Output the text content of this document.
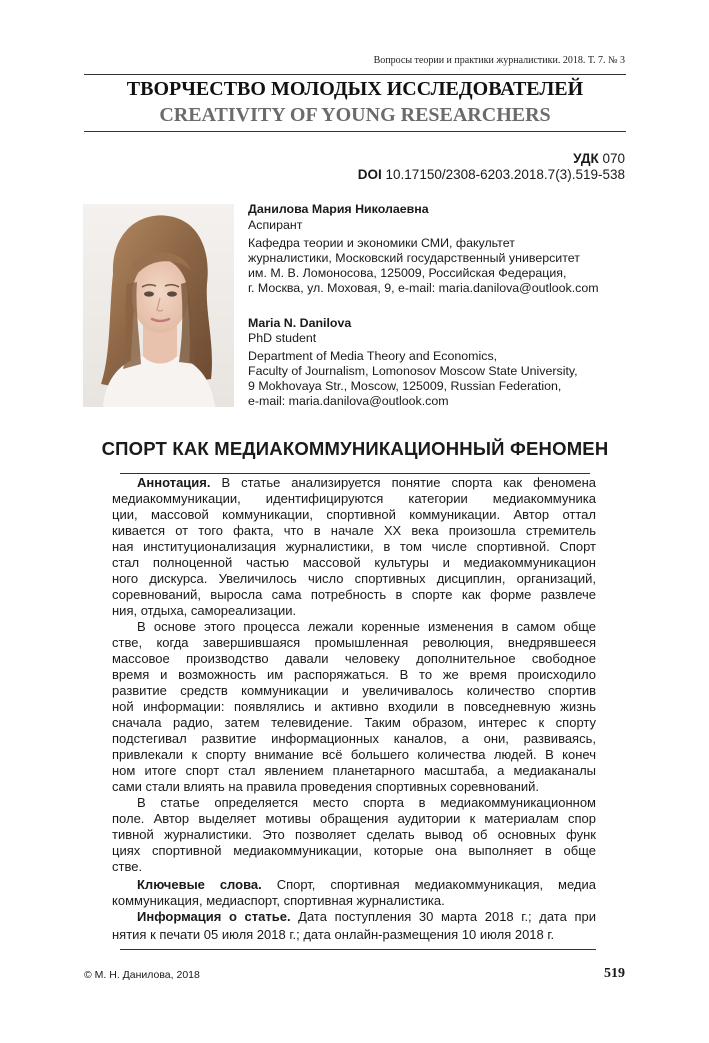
Вопросы теории и практики журналистики. 2018. Т. 7. № 3
ТВОРЧЕСТВО МОЛОДЫХ ИССЛЕДОВАТЕЛЕЙ
CREATIVITY OF YOUNG RESEARCHERS
УДК 070
DOI 10.17150/2308-6203.2018.7(3).519-538
Данилова Мария Николаевна
Аспирант
Кафедра теории и экономики СМИ, факультет
журналистики, Московский государственный университет
им. М. В. Ломоносова, 125009, Российская Федерация,
г. Москва, ул. Моховая, 9, e-mail: maria.danilova@outlook.com
Maria N. Danilova
PhD student
Department of Media Theory and Economics,
Faculty of Journalism, Lomonosov Moscow State University,
9 Mokhovaya Str., Moscow, 125009, Russian Federation,
e-mail: maria.danilova@outlook.com
СПОРТ КАК МЕДИАКОММУНИКАЦИОННЫЙ ФЕНОМЕН
Аннотация. В статье анализируется понятие спорта как феномена
медиакоммуникации, идентифицируются категории медиакоммуника
ции, массовой коммуникации, спортивной коммуникации. Автор оттал
кивается от того факта, что в начале XX века произошла стремитель
ная институционализация журналистики, в том числе спортивной. Спорт
стал полноценной частью массовой культуры и медиакоммуникацион
ного дискурса. Увеличилось число спортивных дисциплин, организаций,
соревнований, выросла сама потребность в спорте как форме развлече
ния, отдыха, самореализации.
В основе этого процесса лежали коренные изменения в самом обще
стве, когда завершившаяся промышленная революция, внедрявшееся
массовое производство давали человеку дополнительное свободное
время и возможность им распоряжаться. В то же время происходило
развитие средств коммуникации и увеличивалось количество спортив
ной информации: появлялись и активно входили в повседневную жизнь
сначала радио, затем телевидение. Таким образом, интерес к спорту
подстегивал развитие информационных каналов, а они, развиваясь,
привлекали к спорту внимание всё большего количества людей. В конеч
ном итоге спорт стал явлением планетарного масштаба, а медиаканалы
сами стали влиять на правила проведения спортивных соревнований.
В статье определяется место спорта в медиакоммуникационном
поле. Автор выделяет мотивы обращения аудитории к материалам спор
тивной журналистики. Это позволяет сделать вывод об основных функ
циях спортивной медиакоммуникации, которые она выполняет в обще
стве.
Ключевые слова. Спорт, спортивная медиакоммуникация, медиа
коммуникация, медиаспорт, спортивная журналистика.
Информация о статье. Дата поступления 30 марта 2018 г.; дата при
нятия к печати 05 июля 2018 г.; дата онлайн-размещения 10 июля 2018 г.
© М. Н. Данилова, 2018	519
